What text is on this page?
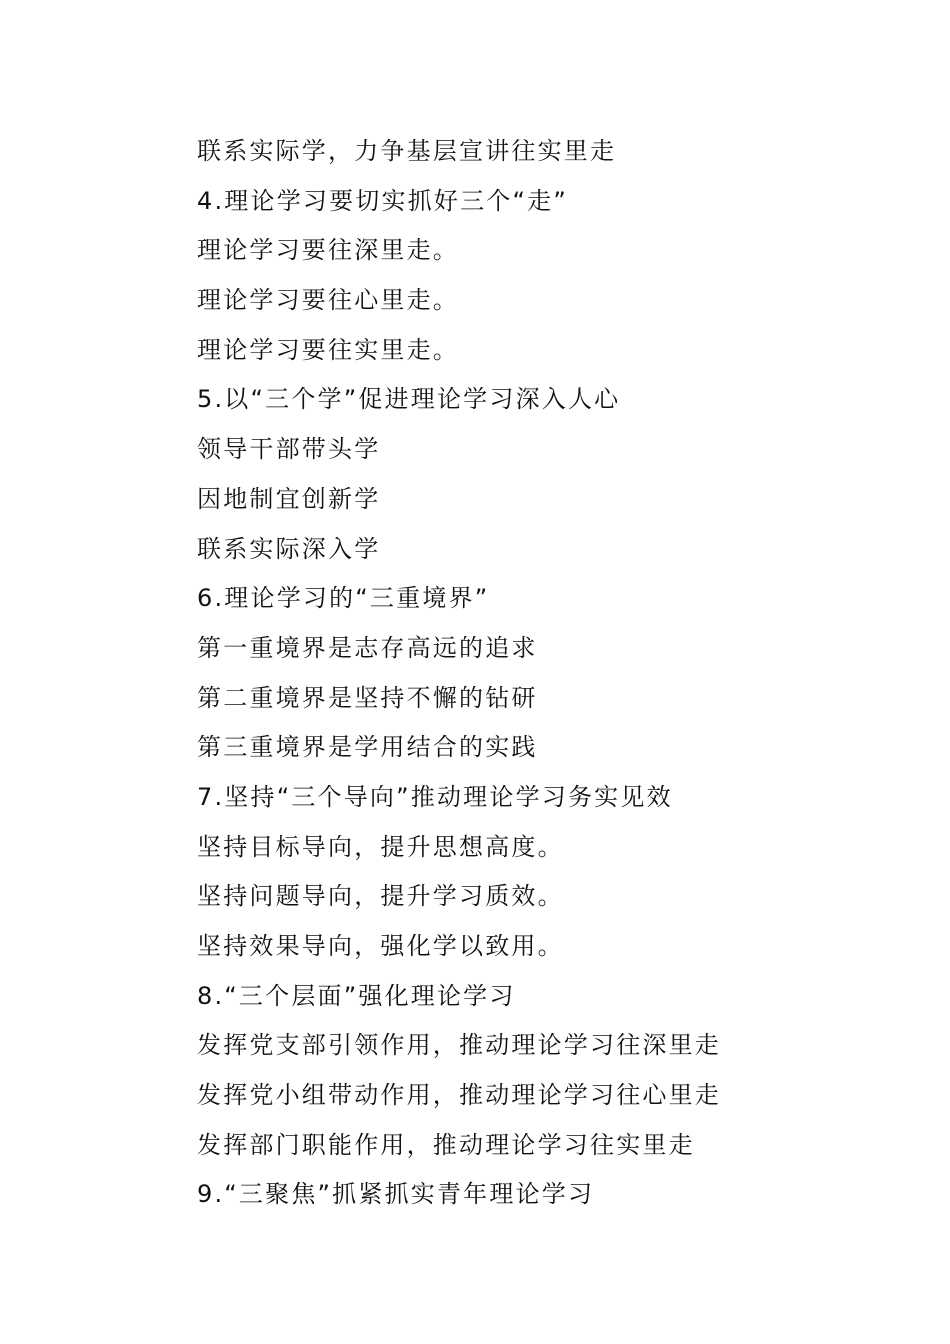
联系实际学，力争基层宣讲往实里走
4.理论学习要切实抓好三个“走”
理论学习要往深里走。
理论学习要往心里走。
理论学习要往实里走。
5.以“三个学”促进理论学习深入人心
领导干部带头学
因地制宜创新学
联系实际深入学
6.理论学习的“三重境界”
第一重境界是志存高远的追求
第二重境界是坚持不懈的钻研
第三重境界是学用结合的实践
7.坚持“三个导向”推动理论学习务实见效
坚持目标导向，提升思想高度。
坚持问题导向，提升学习质效。
坚持效果导向，强化学以致用。
8.“三个层面”强化理论学习
发挥党支部引领作用，推动理论学习往深里走
发挥党小组带动作用，推动理论学习往心里走
发挥部门职能作用，推动理论学习往实里走
9.“三聚焦”抓紧抓实青年理论学习
